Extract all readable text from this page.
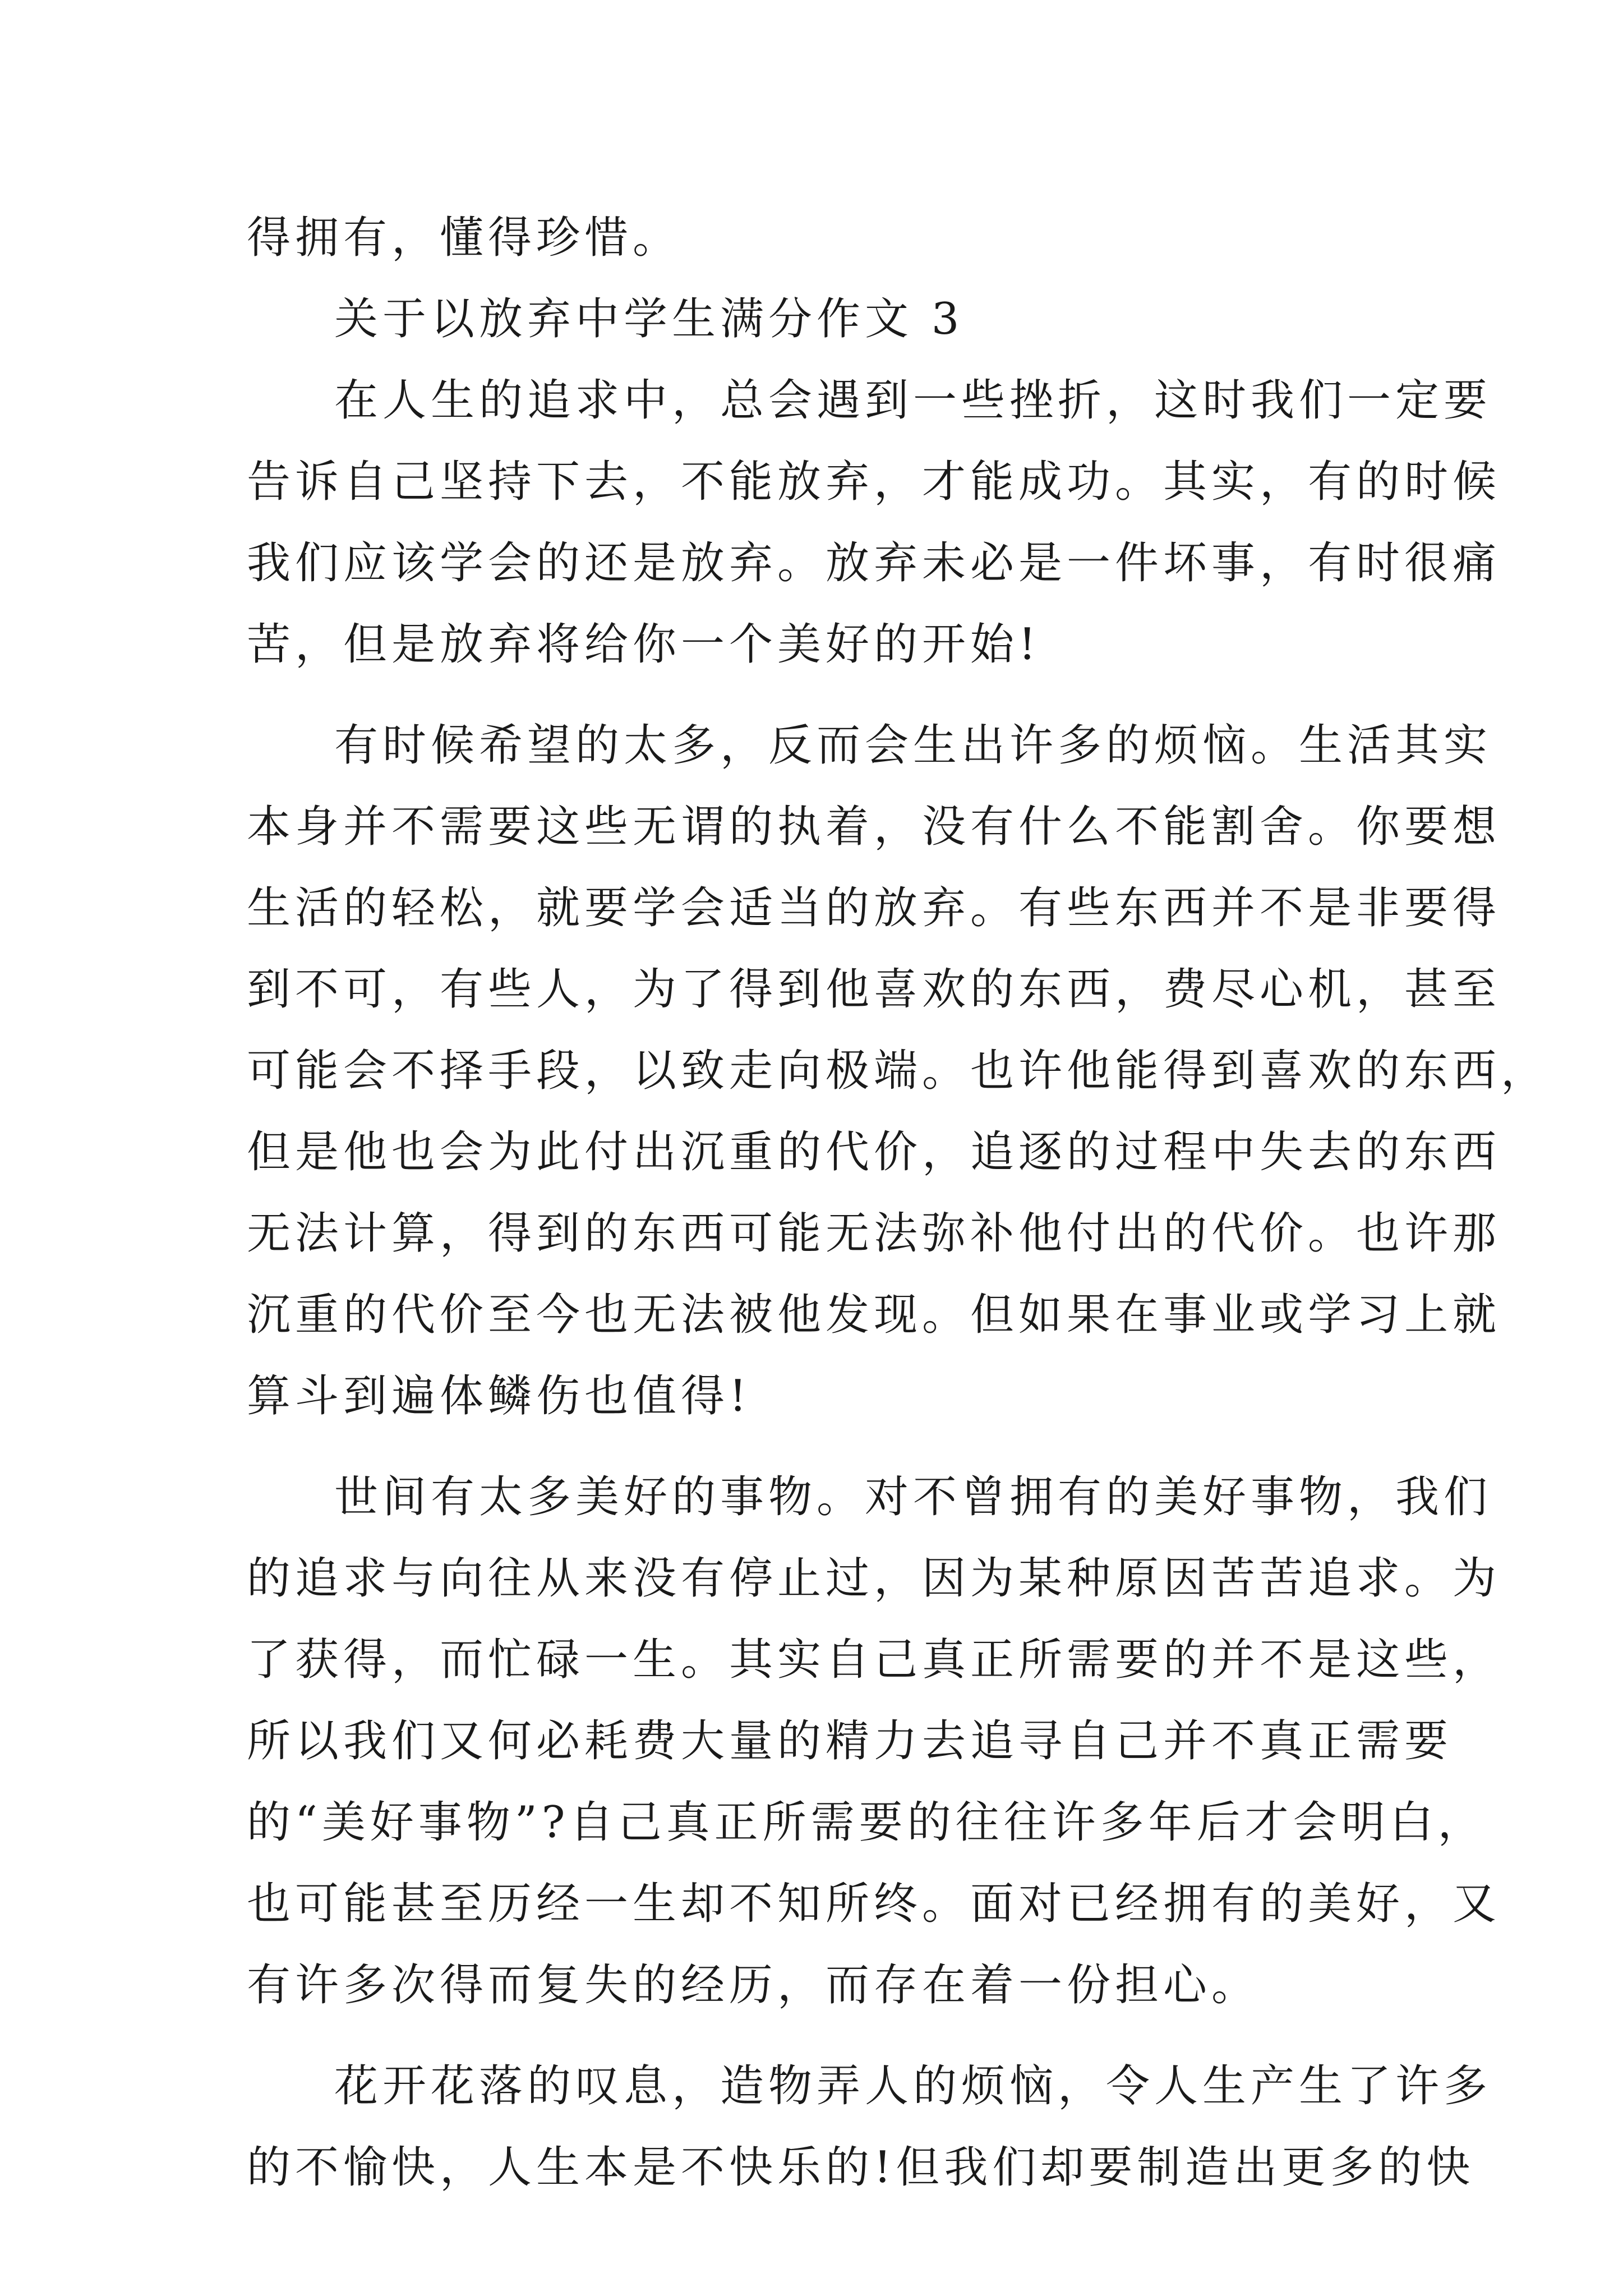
得拥有，懂得珍惜。
关于以放弃中学生满分作文 3
在人生的追求中，总会遇到一些挫折，这时我们一定要
告诉自己坚持下去，不能放弃，才能成功。其实，有的时候
我们应该学会的还是放弃。放弃未必是一件坏事，有时很痛
苦，但是放弃将给你一个美好的开始!
有时候希望的太多，反而会生出许多的烦恼。生活其实
本身并不需要这些无谓的执着，没有什么不能割舍。你要想
生活的轻松，就要学会适当的放弃。有些东西并不是非要得
到不可，有些人，为了得到他喜欢的东西，费尽心机，甚至
可能会不择手段，以致走向极端。也许他能得到喜欢的东西，
但是他也会为此付出沉重的代价，追逐的过程中失去的东西
无法计算，得到的东西可能无法弥补他付出的代价。也许那
沉重的代价至今也无法被他发现。但如果在事业或学习上就
算斗到遍体鳞伤也值得!
世间有太多美好的事物。对不曾拥有的美好事物，我们
的追求与向往从来没有停止过，因为某种原因苦苦追求。为
了获得，而忙碌一生。其实自己真正所需要的并不是这些，
所以我们又何必耗费大量的精力去追寻自己并不真正需要
的“美好事物”?自己真正所需要的往往许多年后才会明白，
也可能甚至历经一生却不知所终。面对已经拥有的美好，又
有许多次得而复失的经历，而存在着一份担心。
花开花落的叹息，造物弄人的烦恼，令人生产生了许多
的不愉快，人生本是不快乐的!但我们却要制造出更多的快
